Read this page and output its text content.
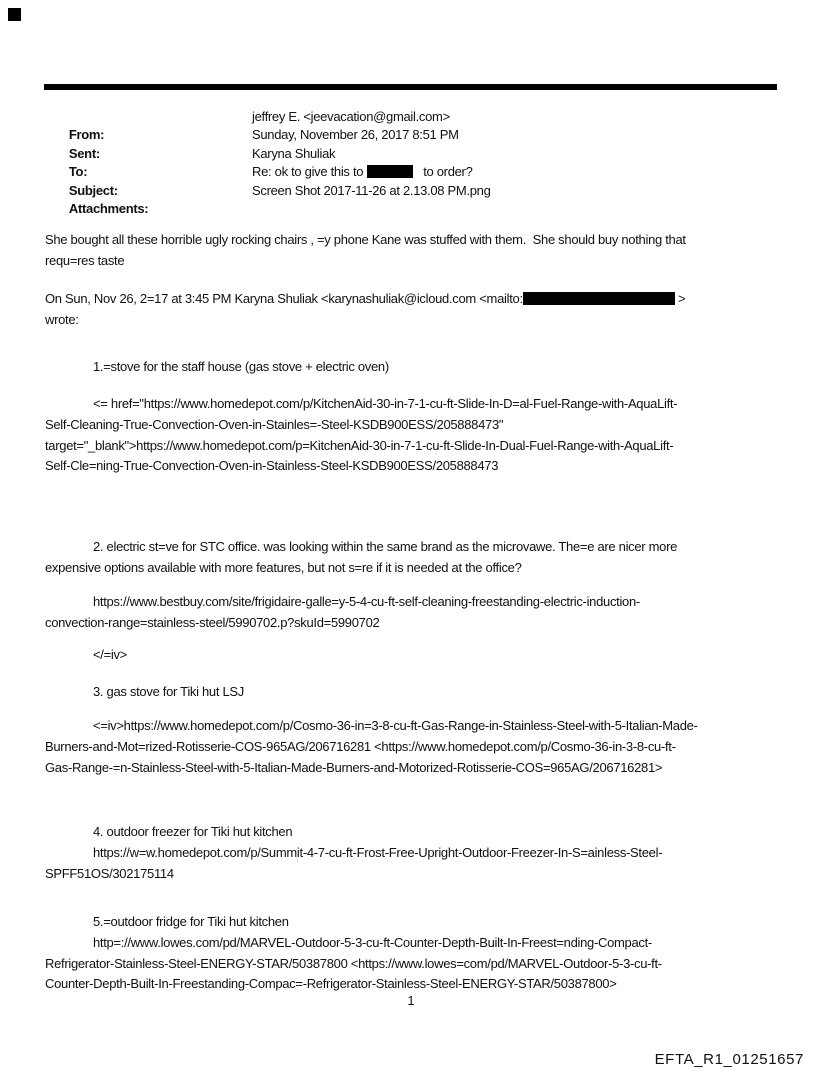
From:

jeffrey E. <jeevacation@gmail.com>

Sent:

Sunday, November 26, 2017 8:51 PM

To:

Karyna Shuliak

Subject:

Re: ok to give this to	to order?

Attachments:

Screen Shot 2017-11-26 at 2.13.08 PM.png

She bought all these horrible ugly rocking chairs , =y phone Kane was stuffed with them.  She should buy nothing that
requ=res taste
On Sun, Nov 26, 2=17 at 3:45 PM Karyna Shuliak <karynashuliak@icloud.com <mailto:	>
wrote:
1.=stove for the staff house (gas stove + electric oven)
<= href="https://www.homedepot.com/p/KitchenAid-30-in-7-1-cu-ft-Slide-In-D=al-Fuel-Range-with-AquaLift-
Self-Cleaning-True-Convection-Oven-in-Stainles=-Steel-KSDB900ESS/205888473"
target="_blank">https://www.homedepot.com/p=KitchenAid-30-in-7-1-cu-ft-Slide-In-Dual-Fuel-Range-with-AquaLift-
Self-Cle=ning-True-Convection-Oven-in-Stainless-Steel-KSDB900ESS/205888473
2. electric st=ve for STC office. was looking within the same brand as the microvawe. The=e are nicer more
expensive options available with more features, but not s=re if it is needed at the office?
https://www.bestbuy.com/site/frigidaire-galle=y-5-4-cu-ft-self-cleaning-freestanding-electric-induction-
convection-range=stainless-steel/5990702.p?skuId=5990702
</=iv>
3. gas stove for Tiki hut LSJ
<=iv>https://www.homedepot.com/p/Cosmo-36-in=3-8-cu-ft-Gas-Range-in-Stainless-Steel-with-5-Italian-Made-
Burners-and-Mot=rized-Rotisserie-COS-965AG/206716281 <https://www.homedepot.com/p/Cosmo-36-in-3-8-cu-ft-
Gas-Range-=n-Stainless-Steel-with-5-Italian-Made-Burners-and-Motorized-Rotisserie-COS=965AG/206716281>
4. outdoor freezer for Tiki hut kitchen
https://w=w.homedepot.com/p/Summit-4-7-cu-ft-Frost-Free-Upright-Outdoor-Freezer-In-S=ainless-Steel-
SPFF51OS/302175114
5.=outdoor fridge for Tiki hut kitchen
http=://www.lowes.com/pd/MARVEL-Outdoor-5-3-cu-ft-Counter-Depth-Built-In-Freest=nding-Compact-
Refrigerator-Stainless-Steel-ENERGY-STAR/50387800 <https://www.lowes=com/pd/MARVEL-Outdoor-5-3-cu-ft-
Counter-Depth-Built-In-Freestanding-Compac=-Refrigerator-Stainless-Steel-ENERGY-STAR/50387800>
1
EFTA_R1_01251657
